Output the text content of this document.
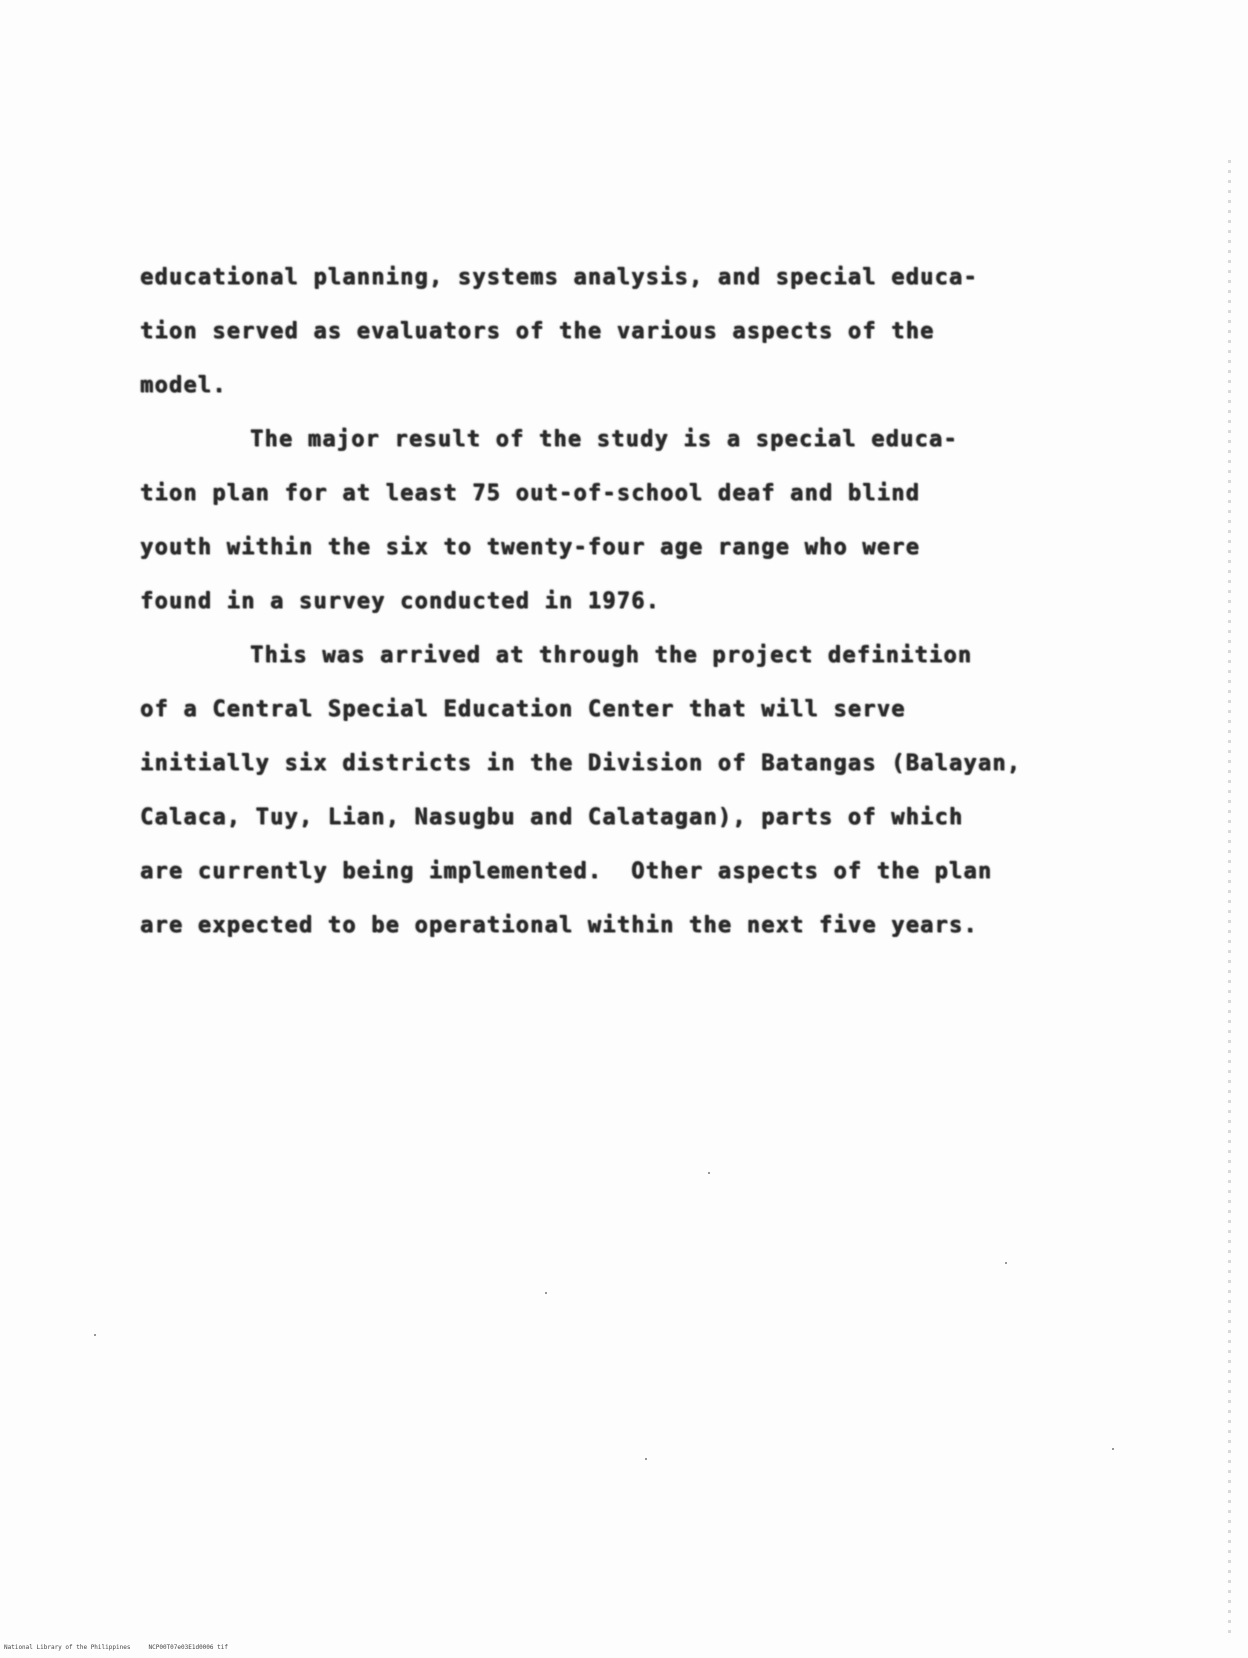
educational planning, systems analysis, and special educa-
tion served as evaluators of the various aspects of the
model.
The major result of the study is a special educa-
tion plan for at least 75 out-of-school deaf and blind
youth within the six to twenty-four age range who were
found in a survey conducted in 1976.
This was arrived at through the project definition
of a Central Special Education Center that will serve
initially six districts in the Division of Batangas (Balayan,
Calaca, Tuy, Lian, Nasugbu and Calatagan), parts of which
are currently being implemented.  Other aspects of the plan
are expected to be operational within the next five years.
National Library of the Philippines	NCP00T07e03E1d0006 tif
